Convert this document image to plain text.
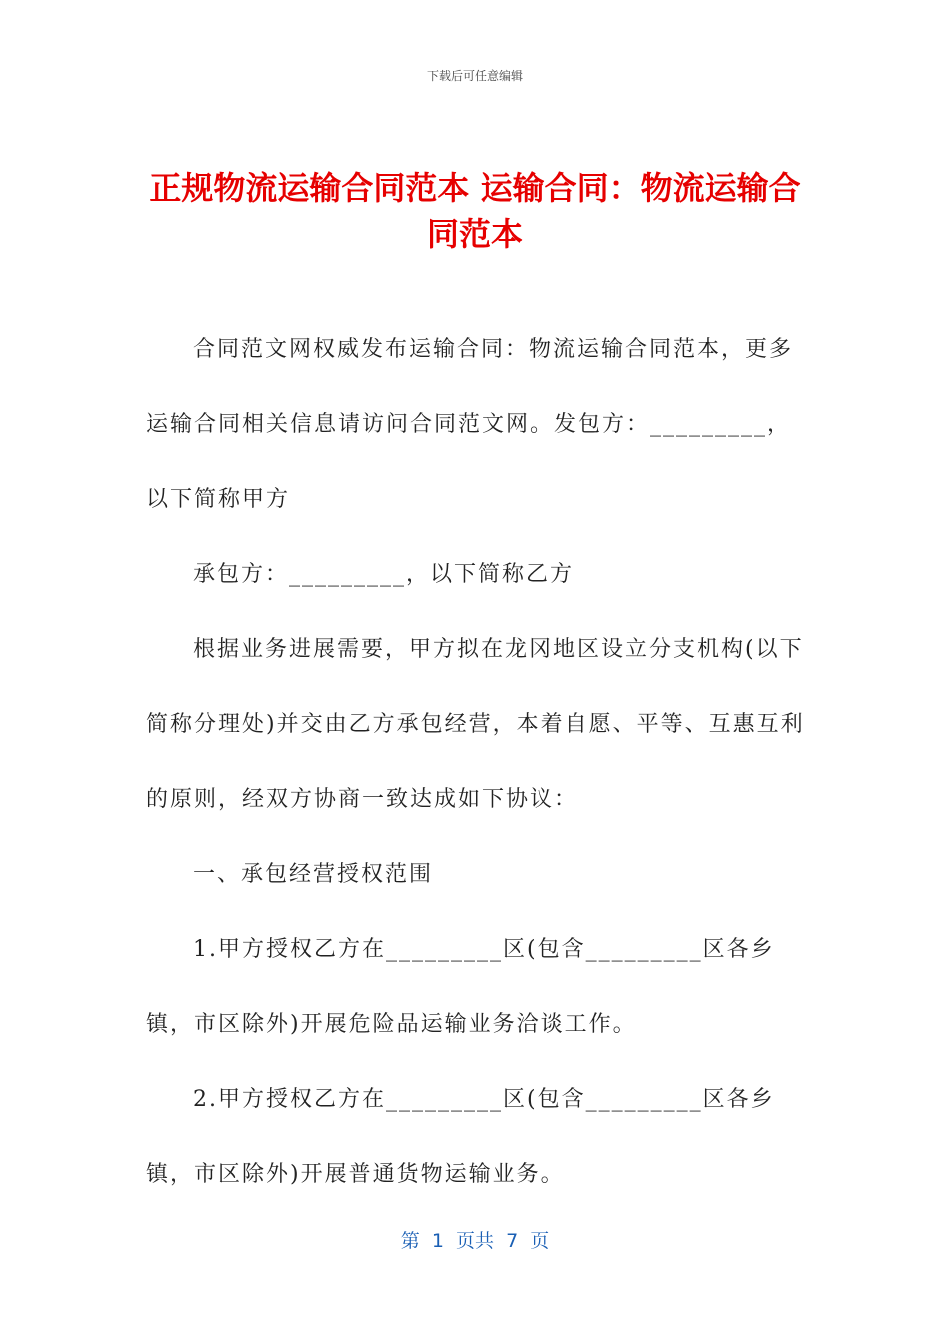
下载后可任意编辑
正规物流运输合同范本 运输合同：物流运输合同范本

合同范文网权威发布运输合同：物流运输合同范本，更多运输合同相关信息请访问合同范文网。发包方：_________，以下简称甲方

承包方：_________，以下简称乙方

根据业务进展需要，甲方拟在龙冈地区设立分支机构(以下简称分理处)并交由乙方承包经营，本着自愿、平等、互惠互利的原则，经双方协商一致达成如下协议：

一、承包经营授权范围

1.甲方授权乙方在_________区(包含_________区各乡镇，市区除外)开展危险品运输业务洽谈工作。

2.甲方授权乙方在_________区(包含_________区各乡镇，市区除外)开展普通货物运输业务。

第  1  页共  7  页
